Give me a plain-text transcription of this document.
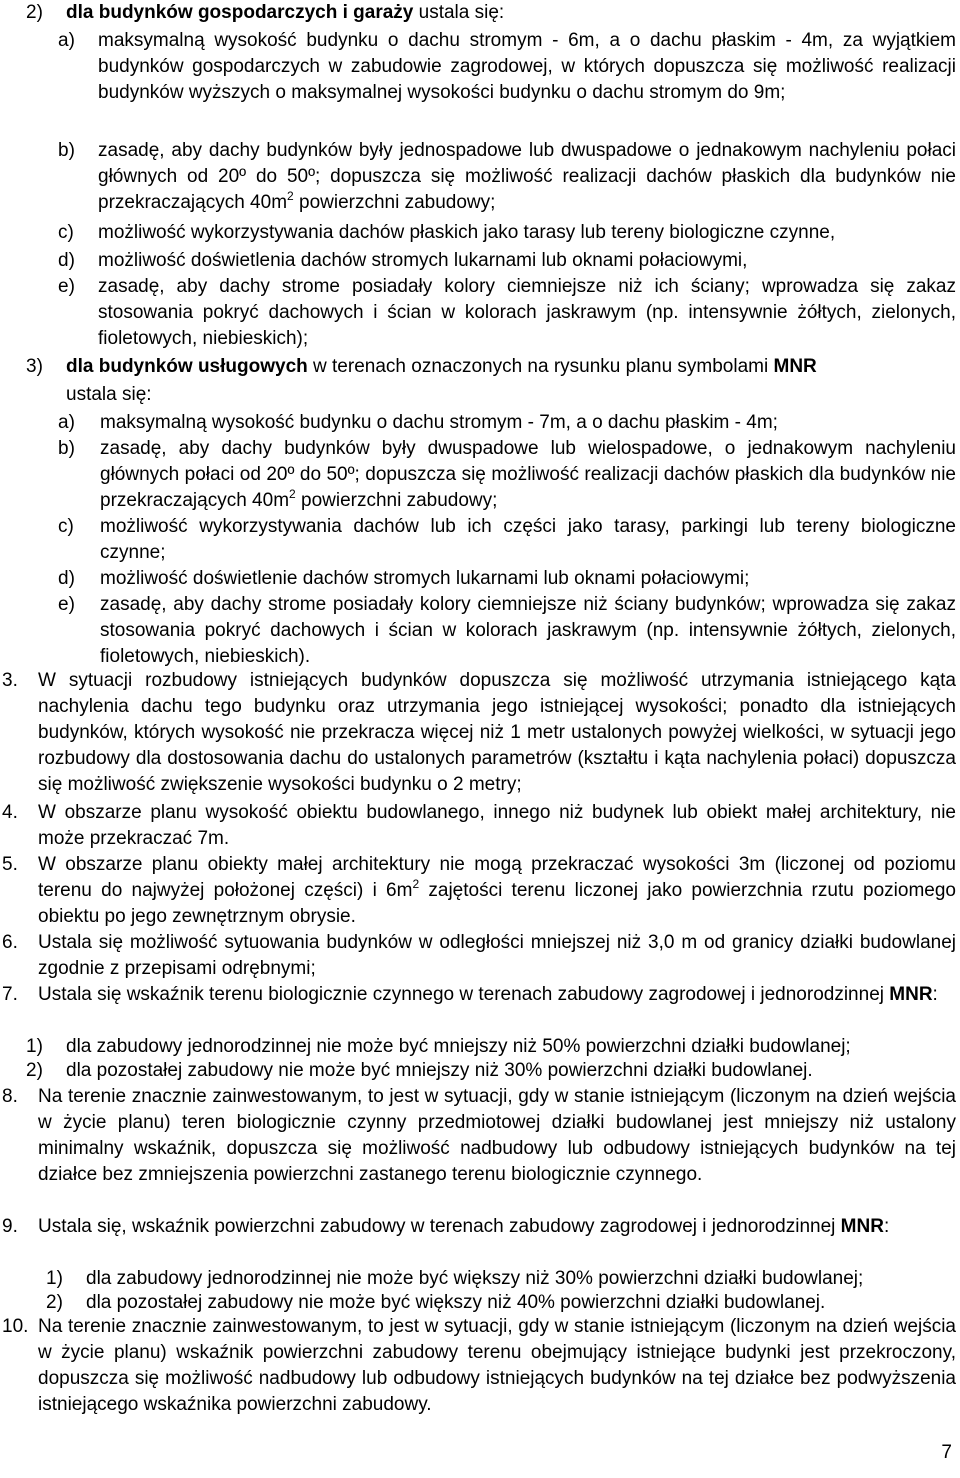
2)	dla budynków gospodarczych i garaży ustala się:
a)	maksymalną wysokość budynku o dachu stromym - 6m, a o dachu płaskim - 4m, za wyjątkiem budynków gospodarczych w zabudowie zagrodowej, w których dopuszcza się możliwość realizacji budynków wyższych o maksymalnej wysokości budynku o dachu stromym do 9m;
b)	zasadę, aby dachy budynków były jednospadowe lub dwuspadowe o jednakowym nachyleniu połaci głównych od 20º do 50º; dopuszcza się możliwość realizacji dachów płaskich dla budynków nie przekraczających $40m^2$ powierzchni zabudowy;
c)	możliwość wykorzystywania dachów płaskich jako tarasy lub tereny biologiczne czynne,
d)	możliwość doświetlenia dachów stromych lukarnami lub oknami połaciowymi,
e)	zasadę, aby dachy strome posiadały kolory ciemniejsze niż ich ściany; wprowadza się zakaz stosowania pokryć dachowych i ścian w kolorach jaskrawym (np. intensywnie żółtych, zielonych, fioletowych, niebieskich);
3)	dla budynków usługowych w terenach oznaczonych na rysunku planu symbolami MNR
ustala się:
a)	maksymalną wysokość budynku o dachu stromym - 7m, a o dachu płaskim - 4m;
b)	zasadę, aby dachy budynków były dwuspadowe lub wielospadowe, o jednakowym nachyleniu głównych połaci od 20º do 50º; dopuszcza się możliwość realizacji dachów płaskich dla budynków nie przekraczających $40m^2$ powierzchni zabudowy;
c)	możliwość wykorzystywania dachów lub ich części jako tarasy, parkingi lub tereny biologiczne czynne;
d)	możliwość doświetlenie dachów stromych lukarnami lub oknami połaciowymi;
e)	zasadę, aby dachy strome posiadały kolory ciemniejsze niż ściany budynków; wprowadza się zakaz stosowania pokryć dachowych i ścian w kolorach jaskrawym (np. intensywnie żółtych, zielonych, fioletowych, niebieskich).
3.	W sytuacji rozbudowy istniejących budynków dopuszcza się możliwość utrzymania istniejącego kąta nachylenia dachu tego budynku oraz utrzymania jego istniejącej wysokości; ponadto dla istniejących budynków, których wysokość nie przekracza więcej niż 1 metr ustalonych powyżej wielkości, w sytuacji jego rozbudowy dla dostosowania dachu do ustalonych parametrów (kształtu i kąta nachylenia połaci) dopuszcza się możliwość zwiększenie wysokości budynku o 2 metry;
4.	W obszarze planu wysokość obiektu budowlanego, innego niż budynek lub obiekt małej architektury, nie może przekraczać 7m.
5.	W obszarze planu obiekty małej architektury nie mogą przekraczać wysokości 3m (liczonej od poziomu terenu do najwyżej położonej części) i $6m^2$ zajętości terenu liczonej jako powierzchnia rzutu poziomego obiektu po jego zewnętrznym obrysie.
6.	Ustala się możliwość sytuowania budynków w odległości mniejszej niż 3,0 m od granicy działki budowlanej zgodnie z przepisami odrębnymi;
7.	Ustala się wskaźnik terenu biologicznie czynnego w terenach zabudowy zagrodowej i jednorodzinnej MNR:
1)	dla zabudowy jednorodzinnej nie może być mniejszy niż 50% powierzchni działki budowlanej;
2)	dla pozostałej zabudowy nie może być mniejszy niż 30% powierzchni działki budowlanej.
8.	Na terenie znacznie zainwestowanym, to jest w sytuacji, gdy w stanie istniejącym (liczonym na dzień wejścia w życie planu) teren biologicznie czynny przedmiotowej działki budowlanej jest mniejszy niż ustalony minimalny wskaźnik, dopuszcza się możliwość nadbudowy lub odbudowy istniejących budynków na tej działce bez zmniejszenia powierzchni zastanego terenu biologicznie czynnego.
9.	Ustala się, wskaźnik powierzchni zabudowy w terenach zabudowy zagrodowej i jednorodzinnej MNR:
1)	dla zabudowy jednorodzinnej nie może być większy niż 30% powierzchni działki budowlanej;
2)	dla pozostałej zabudowy nie może być większy niż 40% powierzchni działki budowlanej.
10. Na terenie znacznie zainwestowanym, to jest w sytuacji, gdy w stanie istniejącym (liczonym na dzień wejścia w życie planu) wskaźnik powierzchni zabudowy terenu obejmujący istniejące budynki jest przekroczony, dopuszcza się możliwość nadbudowy lub odbudowy istniejących budynków na tej działce bez podwyższenia istniejącego wskaźnika powierzchni zabudowy.
7
